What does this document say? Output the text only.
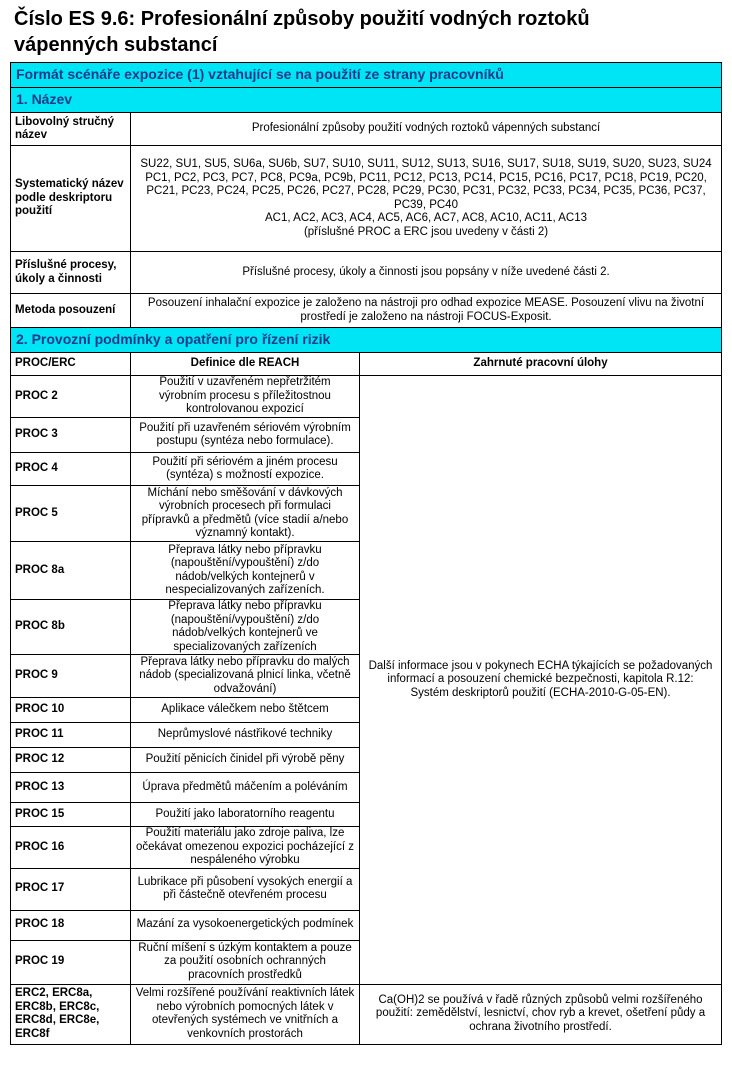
Číslo ES 9.6: Profesionální způsoby použití vodných roztoků
vápenných substancí
Formát scénáře expozice (1) vztahující se na použití ze strany pracovníků		
1. Název		
Libovolný stručný název	Profesionální způsoby použití vodných roztoků vápenných substancí	
Systematický název podle deskriptoru použití	SU22, SU1, SU5, SU6a, SU6b, SU7, SU10, SU11, SU12, SU13, SU16, SU17, SU18, SU19, SU20, SU23, SU24
PC1, PC2, PC3, PC7, PC8, PC9a, PC9b, PC11, PC12, PC13, PC14, PC15, PC16, PC17, PC18, PC19, PC20, PC21, PC23, PC24, PC25, PC26, PC27, PC28, PC29, PC30, PC31, PC32, PC33, PC34, PC35, PC36, PC37, PC39, PC40
AC1, AC2, AC3, AC4, AC5, AC6, AC7, AC8, AC10, AC11, AC13
(příslušné PROC a ERC jsou uvedeny v části 2)	

Příslušné procesy, úkoly a činnosti	Příslušné procesy, úkoly a činnosti jsou popsány v níže uvedené části 2.	
Metoda posouzení	Posouzení inhalační expozice je založeno na nástroji pro odhad expozice MEASE. Posouzení vlivu na životní prostředí je založeno na nástroji FOCUS-Exposit.	
2. Provozní podmínky a opatření pro řízení rizik		
PROC/ERC	Definice dle REACH	Zahrnuté pracovní úlohy
PROC 2	Použití v uzavřeném nepřetržitém výrobním procesu s příležitostnou kontrolovanou expozicí	Další informace jsou v pokynech ECHA týkajících se požadovaných informací a posouzení chemické bezpečnosti, kapitola R.12: Systém deskriptorů použití (ECHA-2010-G-05-EN).
PROC 3	Použití při uzavřeném sériovém výrobním postupu (syntéza nebo formulace).	
PROC 4	Použití při sériovém a jiném procesu (syntéza) s možností expozice.	
PROC 5	Míchání nebo směšování v dávkových výrobních procesech při formulaci přípravků a předmětů (více stadií a/nebo významný kontakt).	
PROC 8a	Přeprava látky nebo přípravku (napouštění/vypouštění) z/do nádob/velkých kontejnerů v nespecializovaných zařízeních.	
PROC 8b	Přeprava látky nebo přípravku (napouštění/vypouštění) z/do nádob/velkých kontejnerů ve specializovaných zařízeních	
PROC 9	Přeprava látky nebo přípravku do malých nádob (specializovaná plnicí linka, včetně odvažování)	
PROC 10	Aplikace válečkem nebo štětcem	
PROC 11	Neprůmyslové nástřikové techniky	
PROC 12	Použití pěnicích činidel při výrobě pěny	
PROC 13	Úprava předmětů máčením a poléváním	
PROC 15	Použití jako laboratorního reagentu	
PROC 16	Použití materiálu jako zdroje paliva, lze očekávat omezenou expozici pocházející z nespáleného výrobku	
PROC 17	Lubrikace při působení vysokých energií a při částečně otevřeném procesu	
PROC 18	Mazání za vysokoenergetických podmínek	
PROC 19	Ruční míšení s úzkým kontaktem a pouze za použití osobních ochranných pracovních prostředků	
ERC2, ERC8a, ERC8b, ERC8c, ERC8d, ERC8e, ERC8f	Velmi rozšířené používání reaktivních látek nebo výrobních pomocných látek v otevřených systémech ve vnitřních a venkovních prostorách	Ca(OH)2 se používá v řadě různých způsobů velmi rozšířeného použití: zemědělství, lesnictví, chov ryb a krevet, ošetření půdy a ochrana životního prostředí.
